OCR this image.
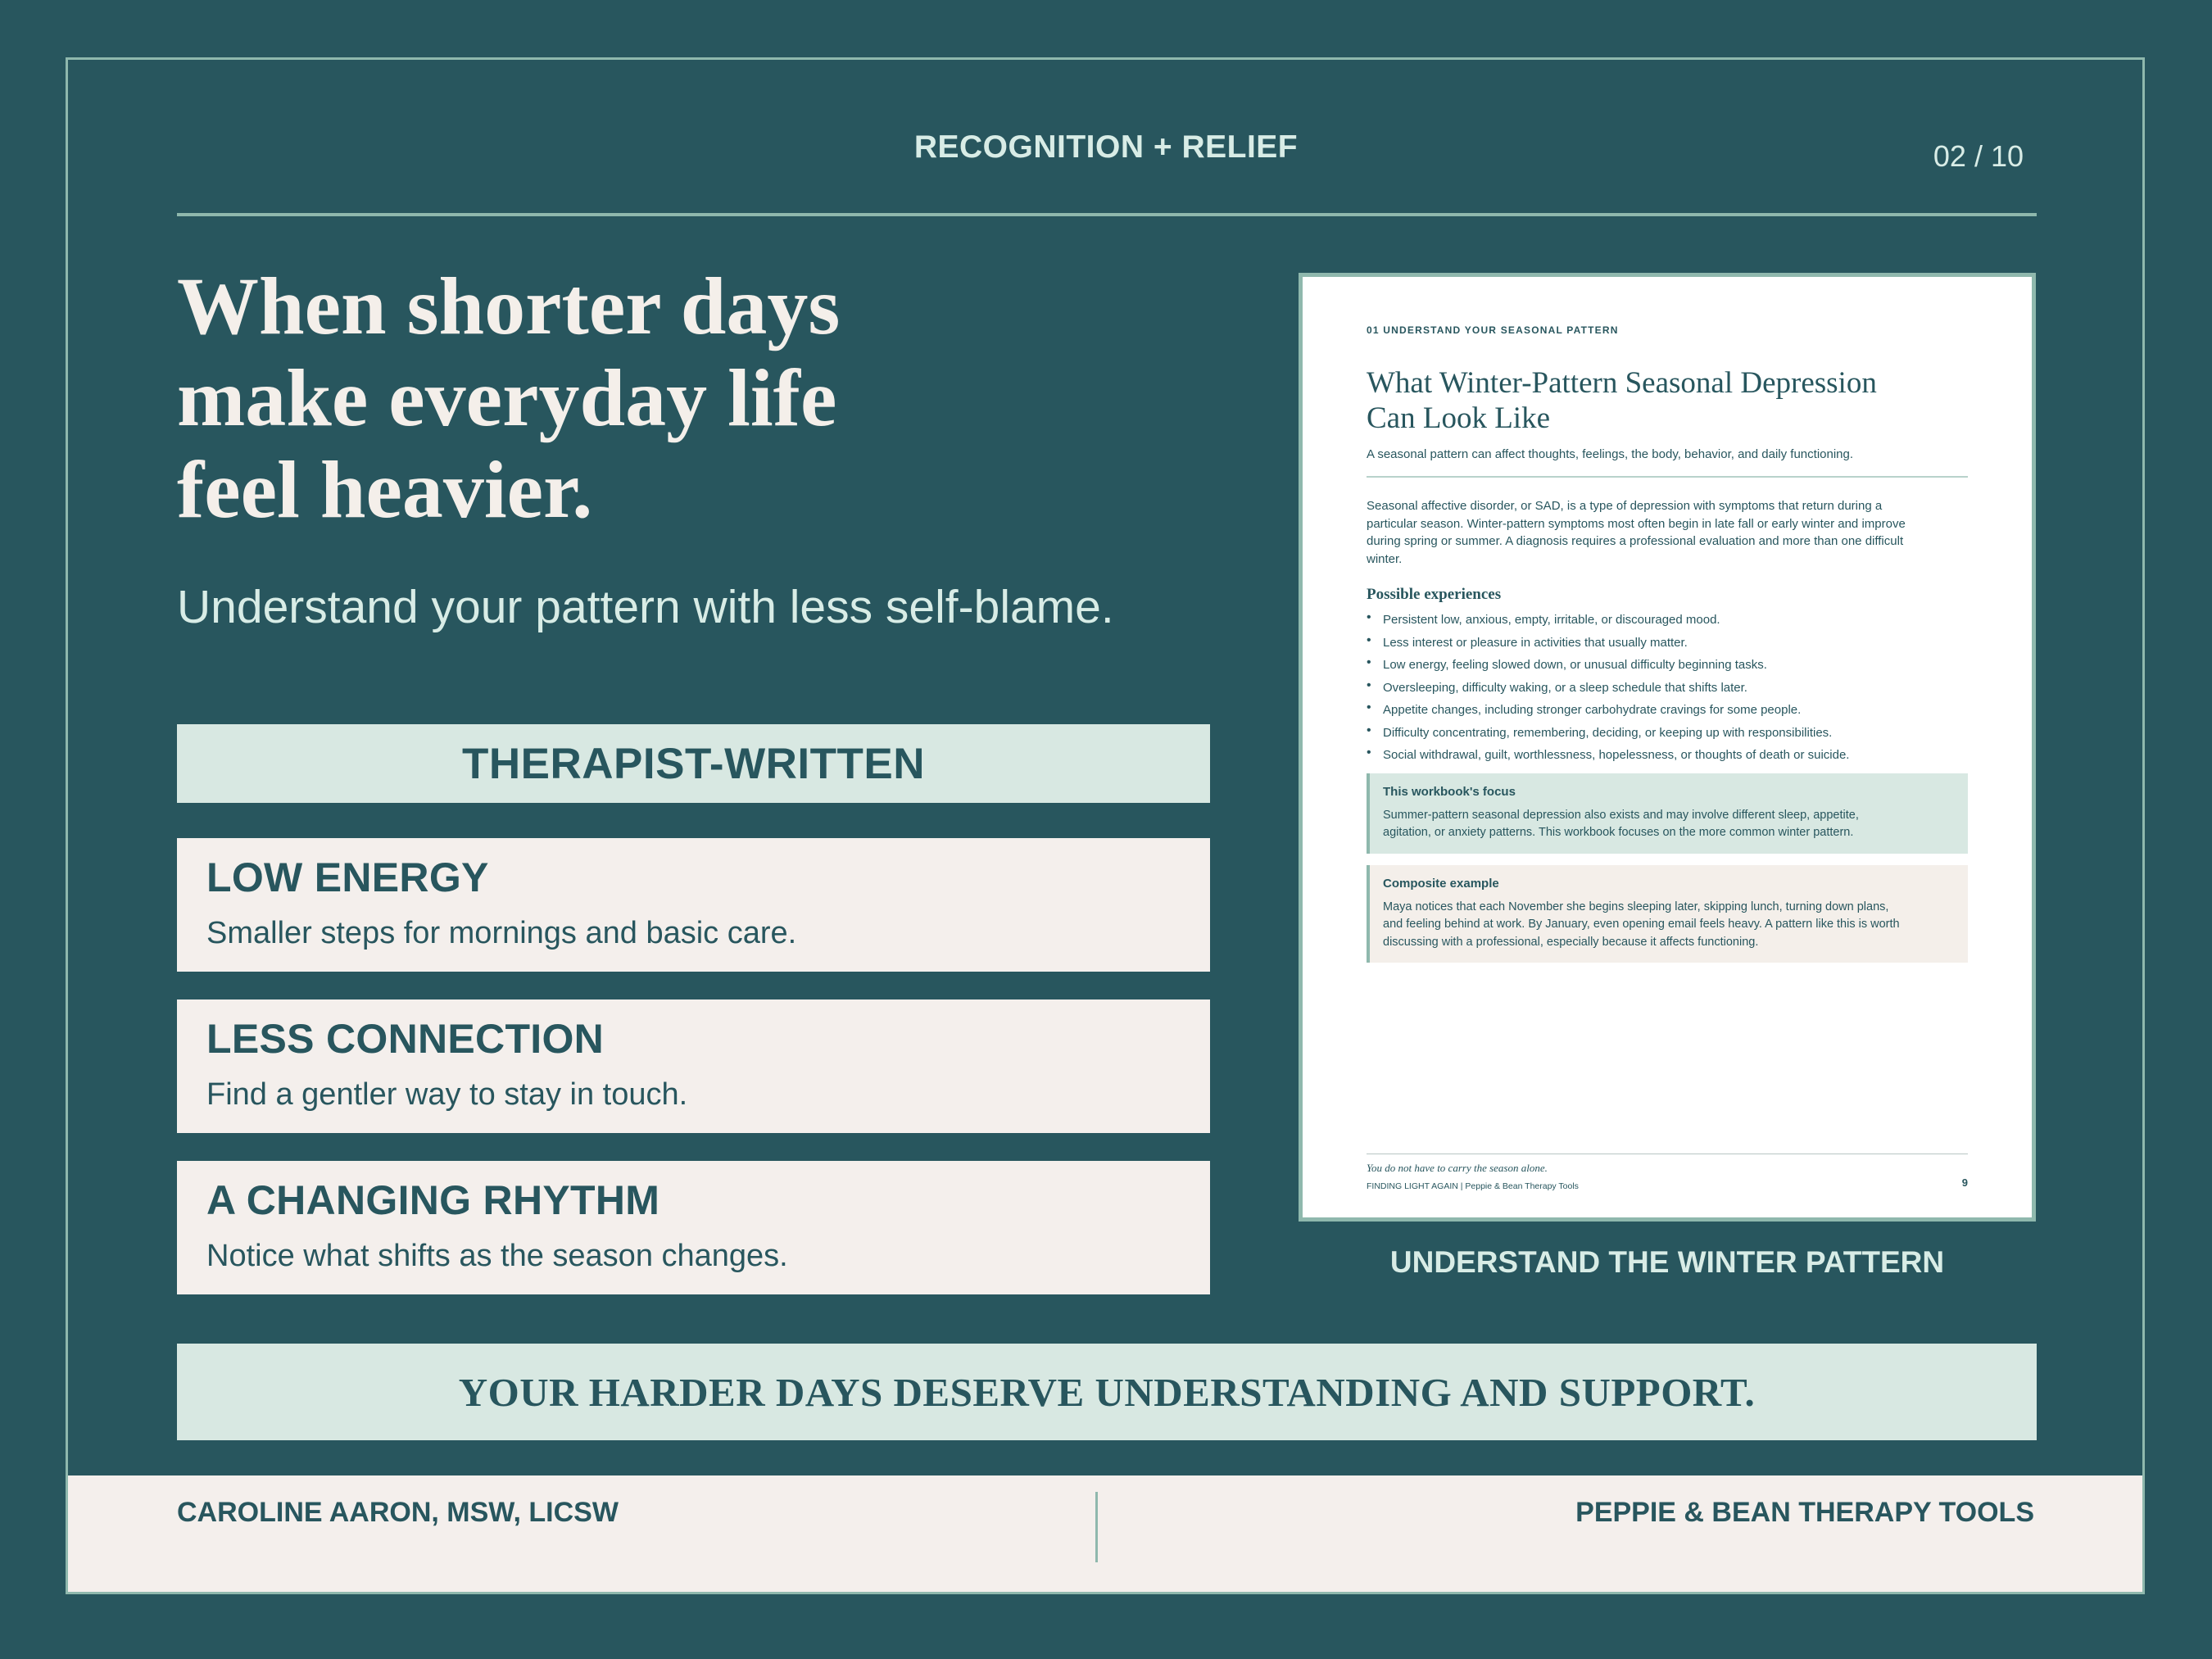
RECOGNITION + RELIEF	02 / 10
When shorter days
make everyday life
feel heavier.

Understand your pattern with less self-blame.

THERAPIST-WRITTEN

LOW ENERGY

Smaller steps for mornings and basic care.

LESS CONNECTION

Find a gentler way to stay in touch.

A CHANGING RHYTHM

Notice what shifts as the season changes.

01 UNDERSTAND YOUR SEASONAL PATTERN

What Winter-Pattern Seasonal Depression
Can Look Like

A seasonal pattern can affect thoughts, feelings, the body, behavior, and daily functioning.

Seasonal affective disorder, or SAD, is a type of depression with symptoms that return during a
particular season. Winter-pattern symptoms most often begin in late fall or early winter and improve
during spring or summer. A diagnosis requires a professional evaluation and more than one difficult
winter.

Possible experiences

• Persistent low, anxious, empty, irritable, or discouraged mood.
• Less interest or pleasure in activities that usually matter.
• Low energy, feeling slowed down, or unusual difficulty beginning tasks.
• Oversleeping, difficulty waking, or a sleep schedule that shifts later.
• Appetite changes, including stronger carbohydrate cravings for some people.
• Difficulty concentrating, remembering, deciding, or keeping up with responsibilities.
• Social withdrawal, guilt, worthlessness, hopelessness, or thoughts of death or suicide.

This workbook's focus

Summer-pattern seasonal depression also exists and may involve different sleep, appetite,
agitation, or anxiety patterns. This workbook focuses on the more common winter pattern.

Composite example

Maya notices that each November she begins sleeping later, skipping lunch, turning down plans,
and feeling behind at work. By January, even opening email feels heavy. A pattern like this is worth
discussing with a professional, especially because it affects functioning.

You do not have to carry the season alone.
FINDING LIGHT AGAIN | Peppie & Bean Therapy Tools	9
UNDERSTAND THE WINTER PATTERN
YOUR HARDER DAYS DESERVE UNDERSTANDING AND SUPPORT.
CAROLINE AARON, MSW, LICSW	PEPPIE & BEAN THERAPY TOOLS
